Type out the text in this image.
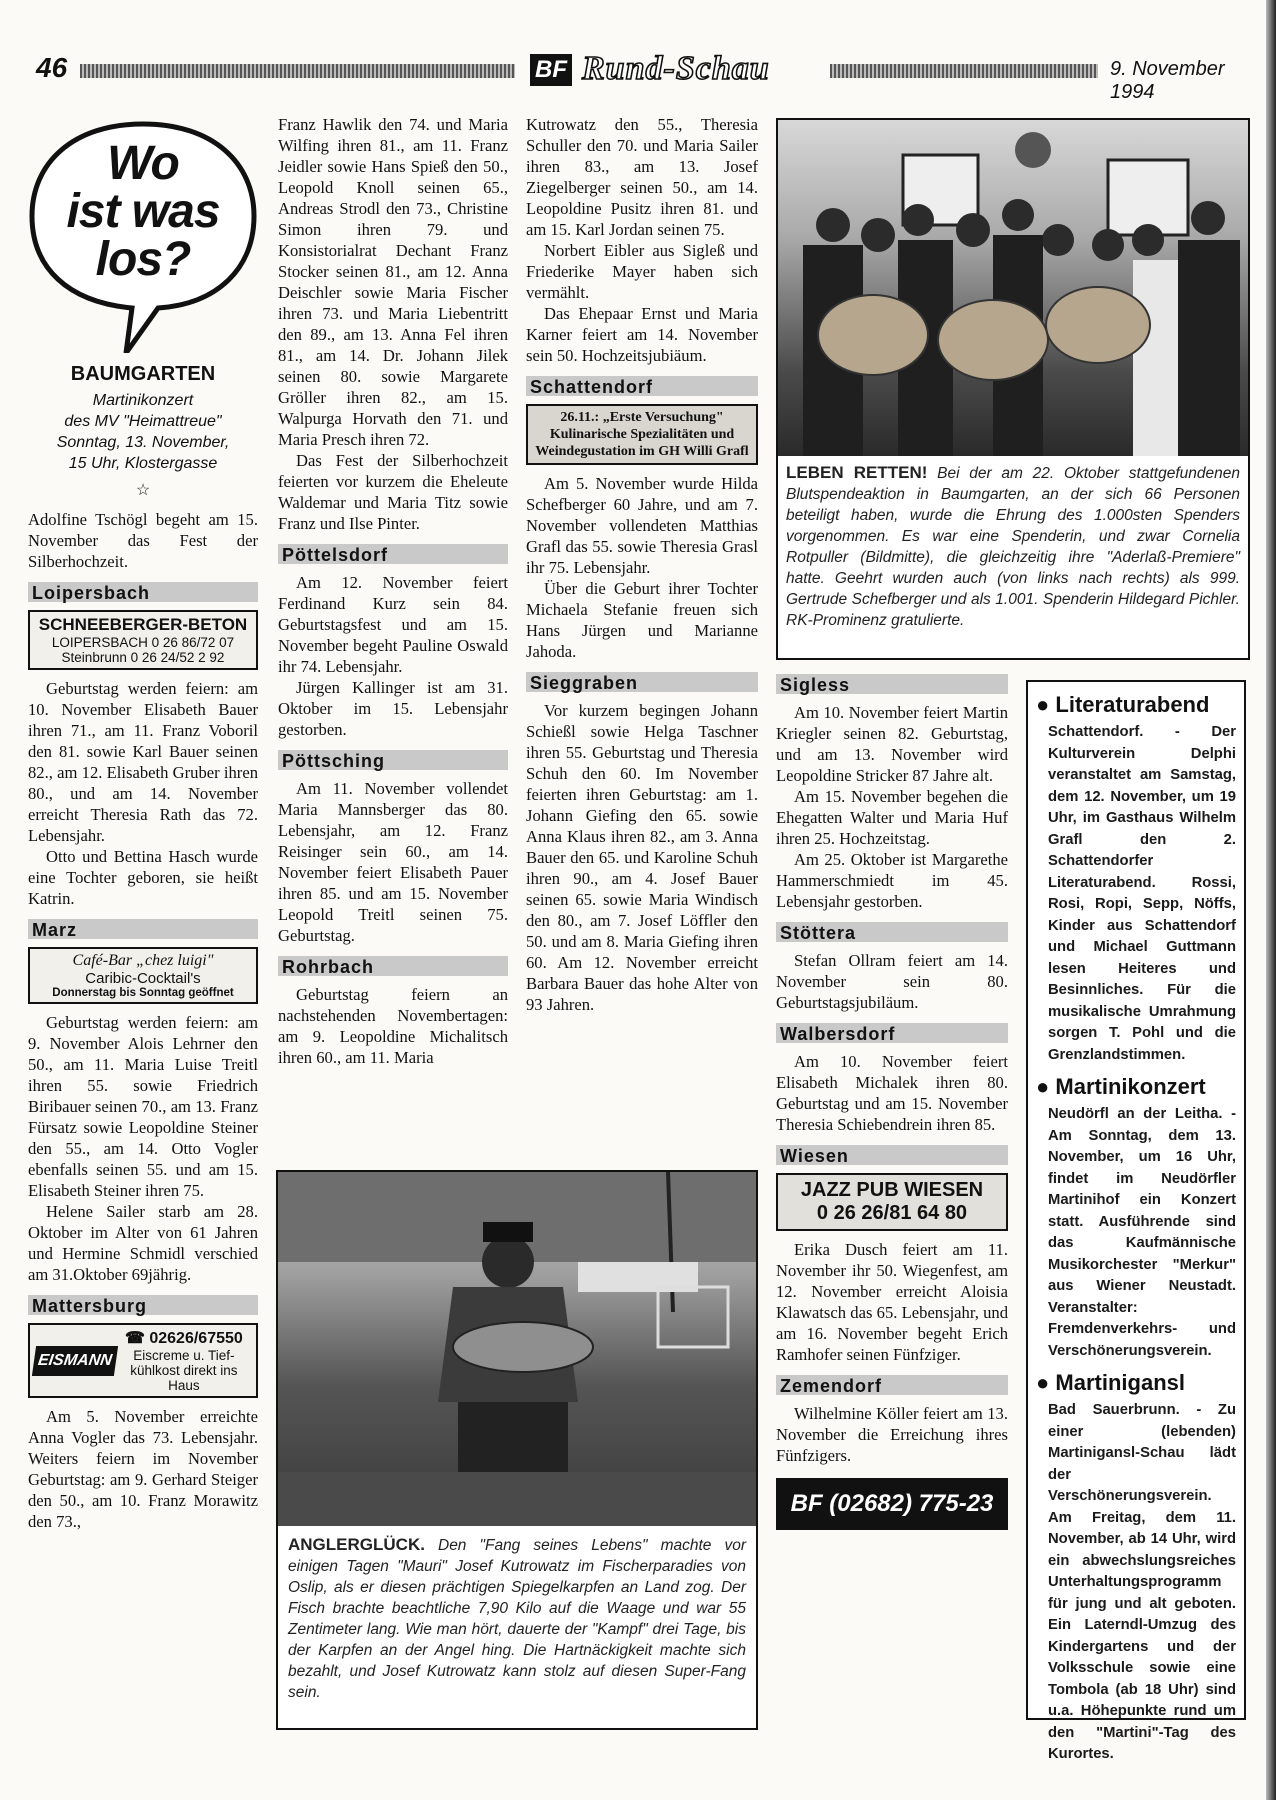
46	BF Rund-Schau	9. November 1994
Wo
ist was
los?
BAUMGARTEN
Martinikonzert
des MV "Heimattreue"
Sonntag, 13. November,
15 Uhr, Klostergasse
☆

Adolfine Tschögl begeht am 15. November das Fest der Silberhochzeit.

Loipersbach
SCHNEEBERGER-BETON
LOIPERSBACH 0 26 86/72 07
Steinbrunn 0 26 24/52 2 92

Geburtstag werden feiern: am 10. November Elisabeth Bauer ihren 71., am 11. Franz Voboril den 81. sowie Karl Bauer seinen 82., am 12. Elisabeth Gruber ihren 80., und am 14. November erreicht Theresia Rath das 72. Lebensjahr.

Otto und Bettina Hasch wurde eine Tochter geboren, sie heißt Katrin.

Marz
Café-Bar „chez luigi"
Caribic-Cocktail's
Donnerstag bis Sonntag geöffnet

Geburtstag werden feiern: am 9. November Alois Lehrner den 50., am 11. Maria Luise Treitl ihren 55. sowie Friedrich Biribauer seinen 70., am 13. Franz Fürsatz sowie Leopoldine Steiner den 55., am 14. Otto Vogler ebenfalls seinen 55. und am 15. Elisabeth Steiner ihren 75.

Helene Sailer starb am 28. Oktober im Alter von 61 Jahren und Hermine Schmidl verschied am 31.Oktober 69jährig.

Mattersburg
EISMANN
☎ 02626/67550
Eiscreme u. Tief-
kühlkost direkt ins Haus

Am 5. November erreichte Anna Vogler das 73. Lebensjahr. Weiters feiern im November Geburtstag: am 9. Gerhard Steiger den 50., am 10. Franz Morawitz den 73.,

Franz Hawlik den 74. und Maria Wilfing ihren 81., am 11. Franz Jeidler sowie Hans Spieß den 50., Leopold Knoll seinen 65., Andreas Strodl den 73., Christine Simon ihren 79. und Konsistorialrat Dechant Franz Stocker seinen 81., am 12. Anna Deischler sowie Maria Fischer ihren 73. und Maria Liebentritt den 89., am 13. Anna Fel ihren 81., am 14. Dr. Johann Jilek seinen 80. sowie Margarete Gröller ihren 82., am 15. Walpurga Horvath den 71. und Maria Presch ihren 72.

Das Fest der Silberhochzeit feierten vor kurzem die Eheleute Waldemar und Maria Titz sowie Franz und Ilse Pinter.

Pöttelsdorf

Am 12. November feiert Ferdinand Kurz sein 84. Geburtstagsfest und am 15. November begeht Pauline Oswald ihr 74. Lebensjahr.

Jürgen Kallinger ist am 31. Oktober im 15. Lebensjahr gestorben.

Pöttsching

Am 11. November vollendet Maria Mannsberger das 80. Lebensjahr, am 12. Franz Reisinger sein 60., am 14. November feiert Elisabeth Pauer ihren 85. und am 15. November Leopold Treitl seinen 75. Geburtstag.

Rohrbach

Geburtstag feiern an nachstehenden Novembertagen: am 9. Leopoldine Michalitsch ihren 60., am 11. Maria

Kutrowatz den 55., Theresia Schuller den 70. und Maria Sailer ihren 83., am 13. Josef Ziegelberger seinen 50., am 14. Leopoldine Pusitz ihren 81. und am 15. Karl Jordan seinen 75.

Norbert Eibler aus Sigleß und Friederike Mayer haben sich vermählt.

Das Ehepaar Ernst und Maria Karner feiert am 14. November sein 50. Hochzeitsjubiäum.

Schattendorf
26.11.: „Erste Versuchung"
Kulinarische Spezialitäten und
Weindegustation im GH Willi Grafl

Am 5. November wurde Hilda Schefberger 60 Jahre, und am 7. November vollendeten Matthias Grafl das 55. sowie Theresia Grasl ihr 75. Lebensjahr.

Über die Geburt ihrer Tochter Michaela Stefanie freuen sich Hans Jürgen und Marianne Jahoda.

Sieggraben

Vor kurzem begingen Johann Schießl sowie Helga Taschner ihren 55. Geburtstag und Theresia Schuh den 60. Im November feierten ihren Geburtstag: am 1. Johann Giefing den 65. sowie Anna Klaus ihren 82., am 3. Anna Bauer den 65. und Karoline Schuh ihren 90., am 4. Josef Bauer seinen 65. sowie Maria Windisch den 80., am 7. Josef Löffler den 50. und am 8. Maria Giefing ihren 60. Am 12. November erreicht Barbara Bauer das hohe Alter von 93 Jahren.

LEBEN RETTEN! Bei der am 22. Oktober stattgefundenen Blutspendeaktion in Baumgarten, an der sich 66 Personen beteiligt haben, wurde die Ehrung des 1.000sten Spenders vorgenommen. Es war eine Spenderin, und zwar Cornelia Rotpuller (Bildmitte), die gleichzeitig ihre "Aderlaß-Premiere" hatte. Geehrt wurden auch (von links nach rechts) als 999. Gertrude Schefberger und als 1.001. Spenderin Hildegard Pichler. RK-Prominenz gratulierte.
ANGLERGLÜCK. Den "Fang seines Lebens" machte vor einigen Tagen "Mauri" Josef Kutrowatz im Fischerparadies von Oslip, als er diesen prächtigen Spiegelkarpfen an Land zog. Der Fisch brachte beachtliche 7,90 Kilo auf die Waage und war 55 Zentimeter lang. Wie man hört, dauerte der "Kampf" drei Tage, bis der Karpfen an der Angel hing. Die Hartnäckigkeit machte sich bezahlt, und Josef Kutrowatz kann stolz auf diesen Super-Fang sein.
Sigless

Am 10. November feiert Martin Kriegler seinen 82. Geburtstag, und am 13. November wird Leopoldine Stricker 87 Jahre alt.

Am 15. November begehen die Ehegatten Walter und Maria Huf ihren 25. Hochzeitstag.

Am 25. Oktober ist Margarethe Hammerschmiedt im 45. Lebensjahr gestorben.

Stöttera

Stefan Ollram feiert am 14. November sein 80. Geburtstagsjubiläum.

Walbersdorf

Am 10. November feiert Elisabeth Michalek ihren 80. Geburtstag und am 15. November Theresia Schiebendrein ihren 85.

Wiesen
JAZZ PUB WIESEN
0 26 26/81 64 80

Erika Dusch feiert am 11. November ihr 50. Wiegenfest, am 12. November erreicht Aloisia Klawatsch das 65. Lebensjahr, und am 16. November begeht Erich Ramhofer seinen Fünfziger.

Zemendorf

Wilhelmine Köller feiert am 13. November die Erreichung ihres Fünfzigers.

BF (02682) 775-23
● Literaturabend
Schattendorf. - Der Kulturverein Delphi veranstaltet am Samstag, dem 12. November, um 19 Uhr, im Gasthaus Wilhelm Grafl den 2. Schattendorfer Literaturabend. Rossi, Rosi, Ropi, Sepp, Nöffs, Kinder aus Schattendorf und Michael Guttmann lesen Heiteres und Besinnliches. Für die musikalische Umrahmung sorgen T. Pohl und die Grenzlandstimmen.
● Martinikonzert
Neudörfl an der Leitha. - Am Sonntag, dem 13. November, um 16 Uhr, findet im Neudörfler Martinihof ein Konzert statt. Ausführende sind das Kaufmännische Musikorchester "Merkur" aus Wiener Neustadt. Veranstalter: Fremdenverkehrs- und Verschönerungsverein.
● Martinigansl
Bad Sauerbrunn. - Zu einer (lebenden) Martinigansl-Schau lädt der Verschönerungsverein. Am Freitag, dem 11. November, ab 14 Uhr, wird ein abwechslungsreiches Unterhaltungsprogramm für jung und alt geboten. Ein Laterndl-Umzug des Kindergartens und der Volksschule sowie eine Tombola (ab 18 Uhr) sind u.a. Höhepunkte rund um den "Martini"-Tag des Kurortes.
